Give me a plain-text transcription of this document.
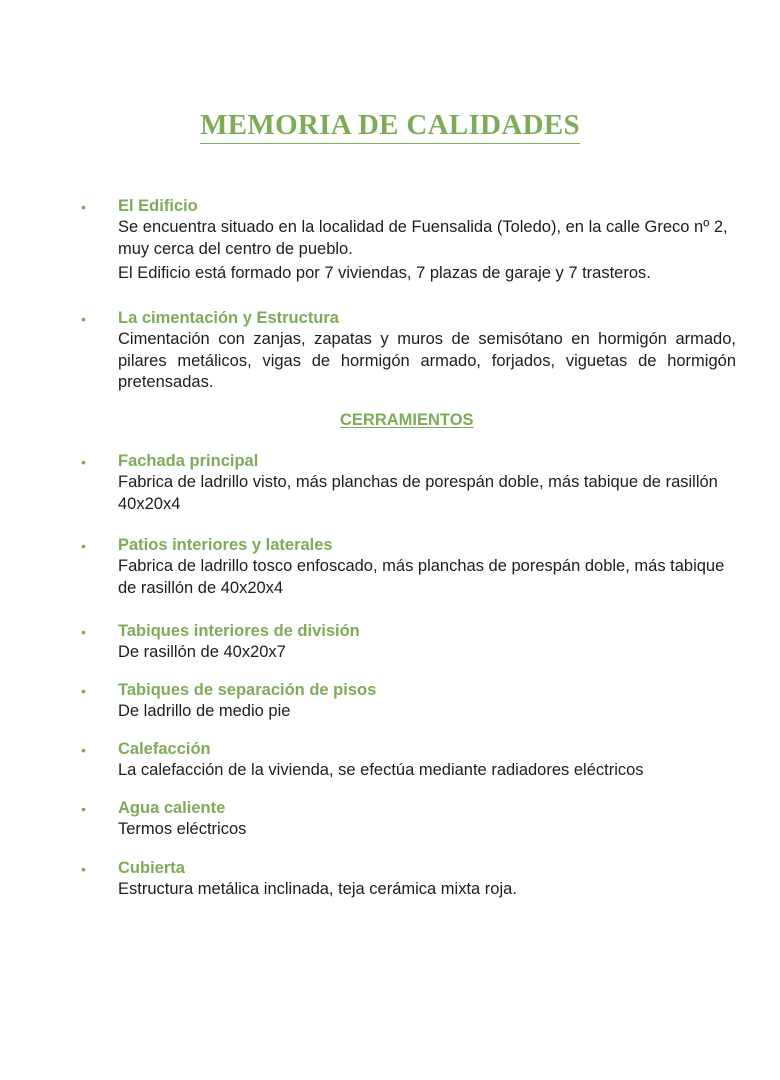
MEMORIA DE CALIDADES
• El Edificio

Se encuentra situado en la localidad de Fuensalida (Toledo), en la calle Greco nº 2, muy cerca del centro de pueblo.

El Edificio está formado por 7 viviendas, 7 plazas de garaje y 7 trasteros.

• La cimentación y Estructura

Cimentación con zanjas, zapatas y muros de semisótano en hormigón armado, pilares metálicos, vigas de hormigón armado, forjados, viguetas de hormigón pretensadas.

CERRAMIENTOS

• Fachada principal

Fabrica de ladrillo visto, más planchas de porespán doble, más tabique de rasillón 40x20x4

• Patios interiores y laterales

Fabrica de ladrillo tosco enfoscado, más planchas de porespán doble, más tabique de rasillón de 40x20x4

• Tabiques interiores de división

De rasillón de 40x20x7

• Tabiques de separación de pisos

De ladrillo de medio pie

• Calefacción

La calefacción de la vivienda, se efectúa mediante radiadores eléctricos

• Agua caliente

Termos eléctricos

• Cubierta

Estructura metálica inclinada, teja cerámica mixta roja.
